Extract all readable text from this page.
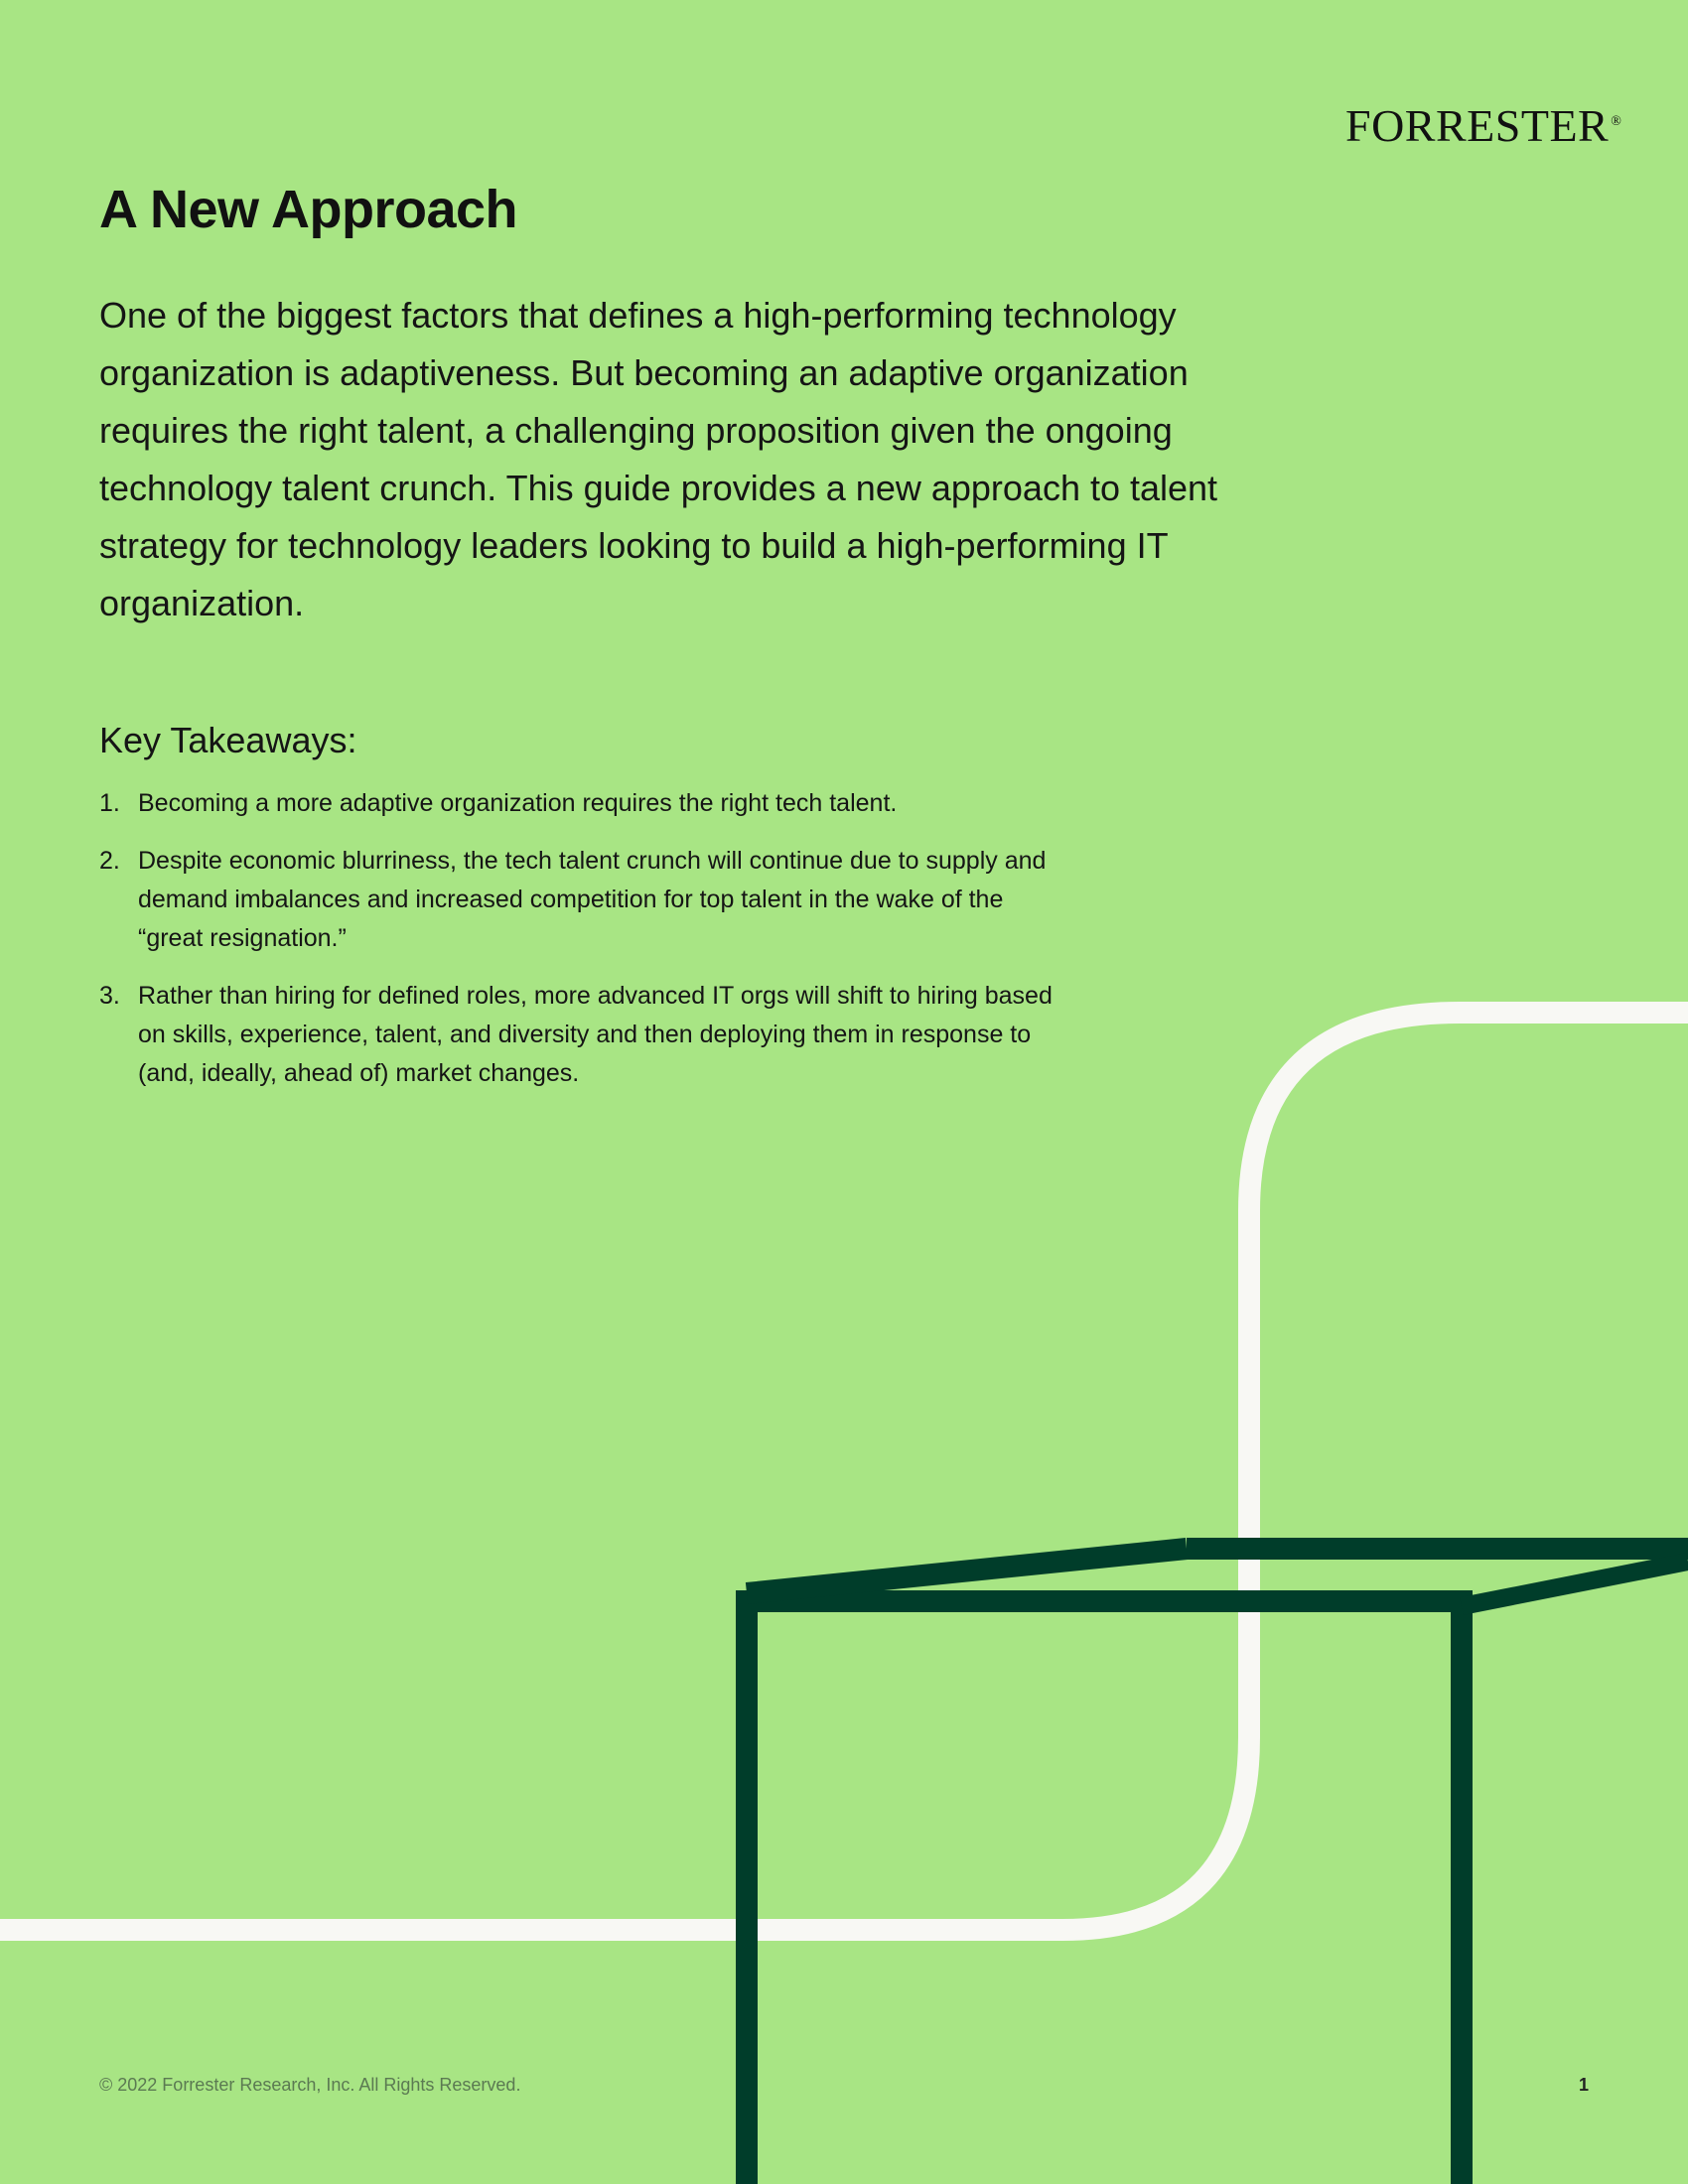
FORRESTER ®
A New Approach

One of the biggest factors that defines a high-performing technology organization is adaptiveness. But becoming an adaptive organization requires the right talent, a challenging proposition given the ongoing technology talent crunch. This guide provides a new approach to talent strategy for technology leaders looking to build a high-performing IT organization.

Key Takeaways:
1. Becoming a more adaptive organization requires the right tech talent.
2. Despite economic blurriness, the tech talent crunch will continue due to supply and demand imbalances and increased competition for top talent in the wake of the “great resignation.”
3. Rather than hiring for defined roles, more advanced IT orgs will shift to hiring based on skills, experience, talent, and diversity and then deploying them in response to (and, ideally, ahead of) market changes.
© 2022 Forrester Research, Inc. All Rights Reserved.	1
